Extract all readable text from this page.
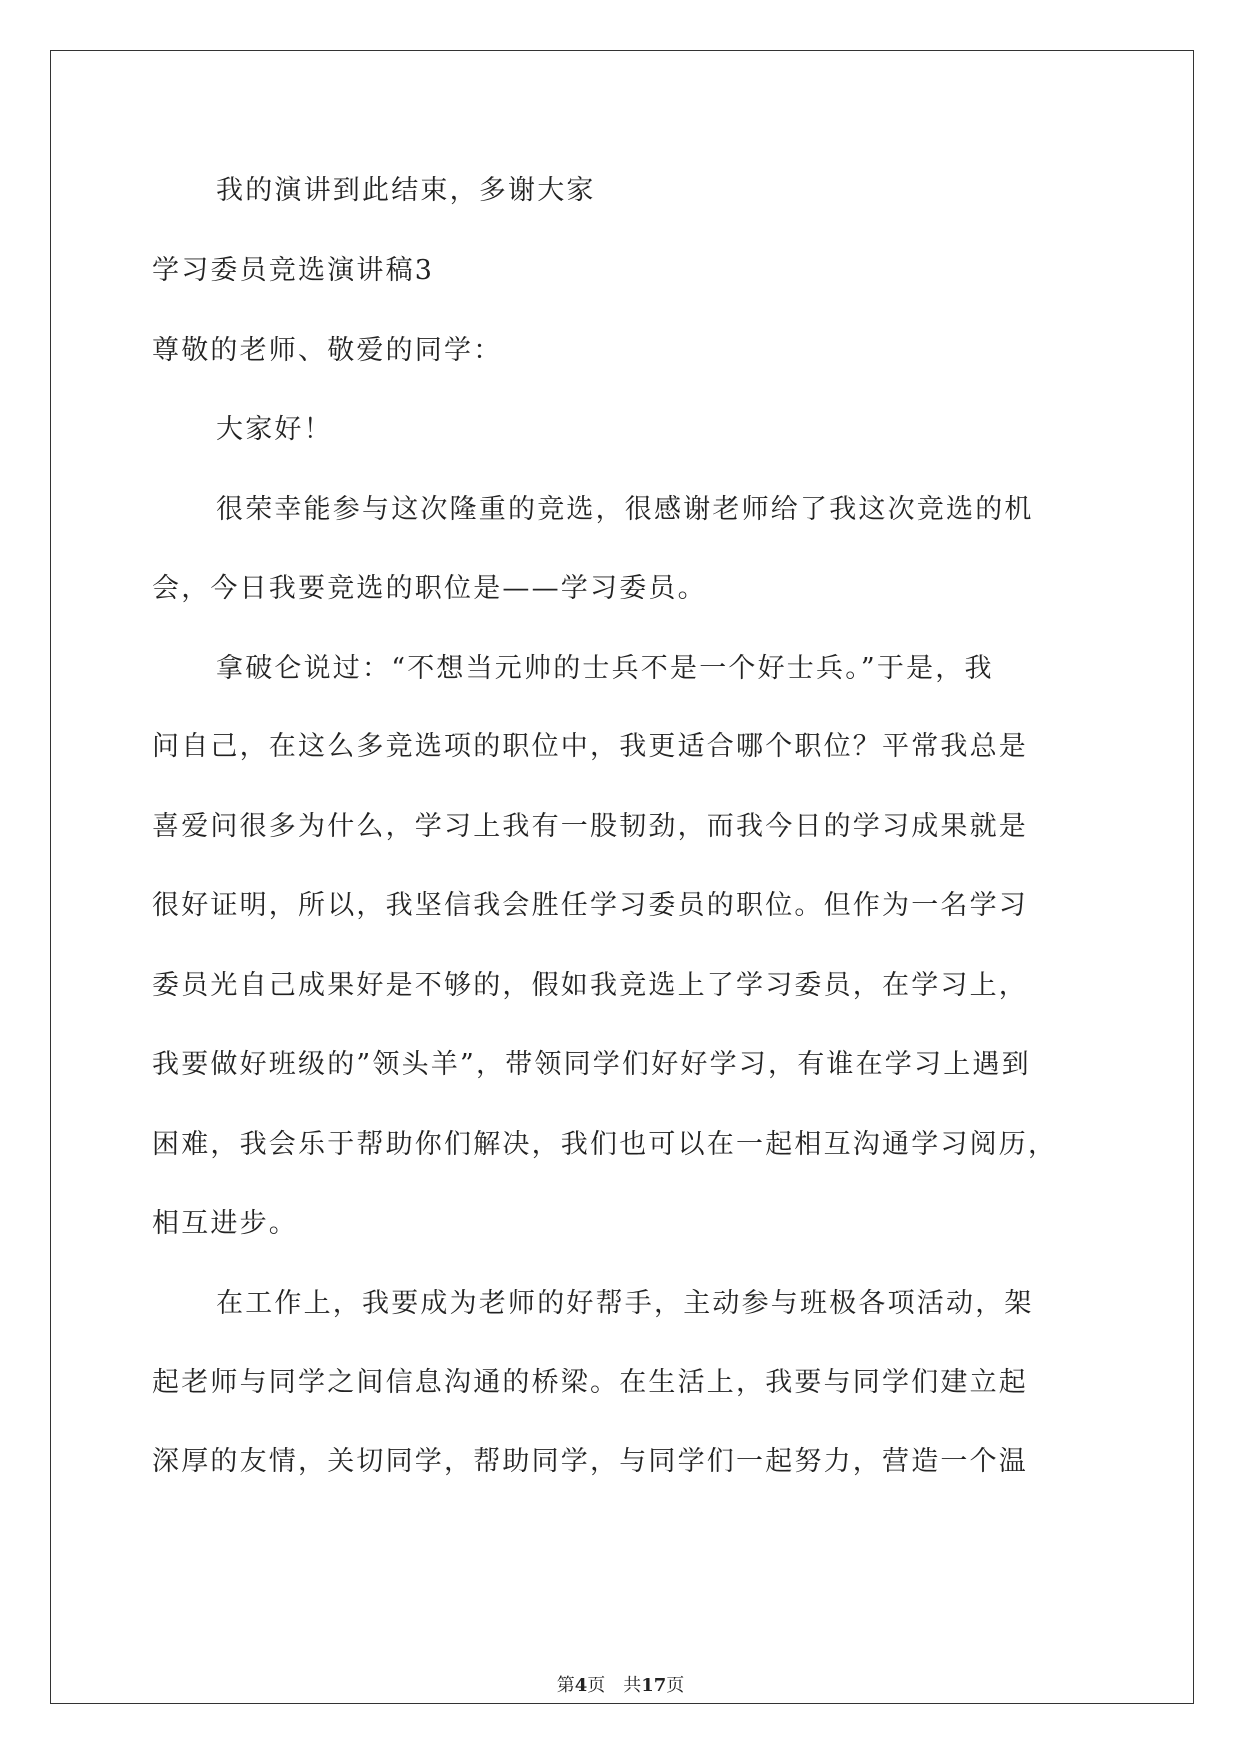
我的演讲到此结束，多谢大家
学习委员竞选演讲稿3
尊敬的老师、敬爱的同学：
大家好！
很荣幸能参与这次隆重的竞选，很感谢老师给了我这次竞选的机
会，今日我要竞选的职位是——学习委员。
拿破仑说过：“不想当元帅的士兵不是一个好士兵。”于是，我
问自己，在这么多竞选项的职位中，我更适合哪个职位？平常我总是
喜爱问很多为什么，学习上我有一股韧劲，而我今日的学习成果就是
很好证明，所以，我坚信我会胜任学习委员的职位。但作为一名学习
委员光自己成果好是不够的，假如我竞选上了学习委员，在学习上，
我要做好班级的”领头羊”，带领同学们好好学习，有谁在学习上遇到
困难，我会乐于帮助你们解决，我们也可以在一起相互沟通学习阅历，
相互进步。
在工作上，我要成为老师的好帮手，主动参与班极各项活动，架
起老师与同学之间信息沟通的桥梁。在生活上，我要与同学们建立起
深厚的友情，关切同学，帮助同学，与同学们一起努力，营造一个温
第4页 共17页
